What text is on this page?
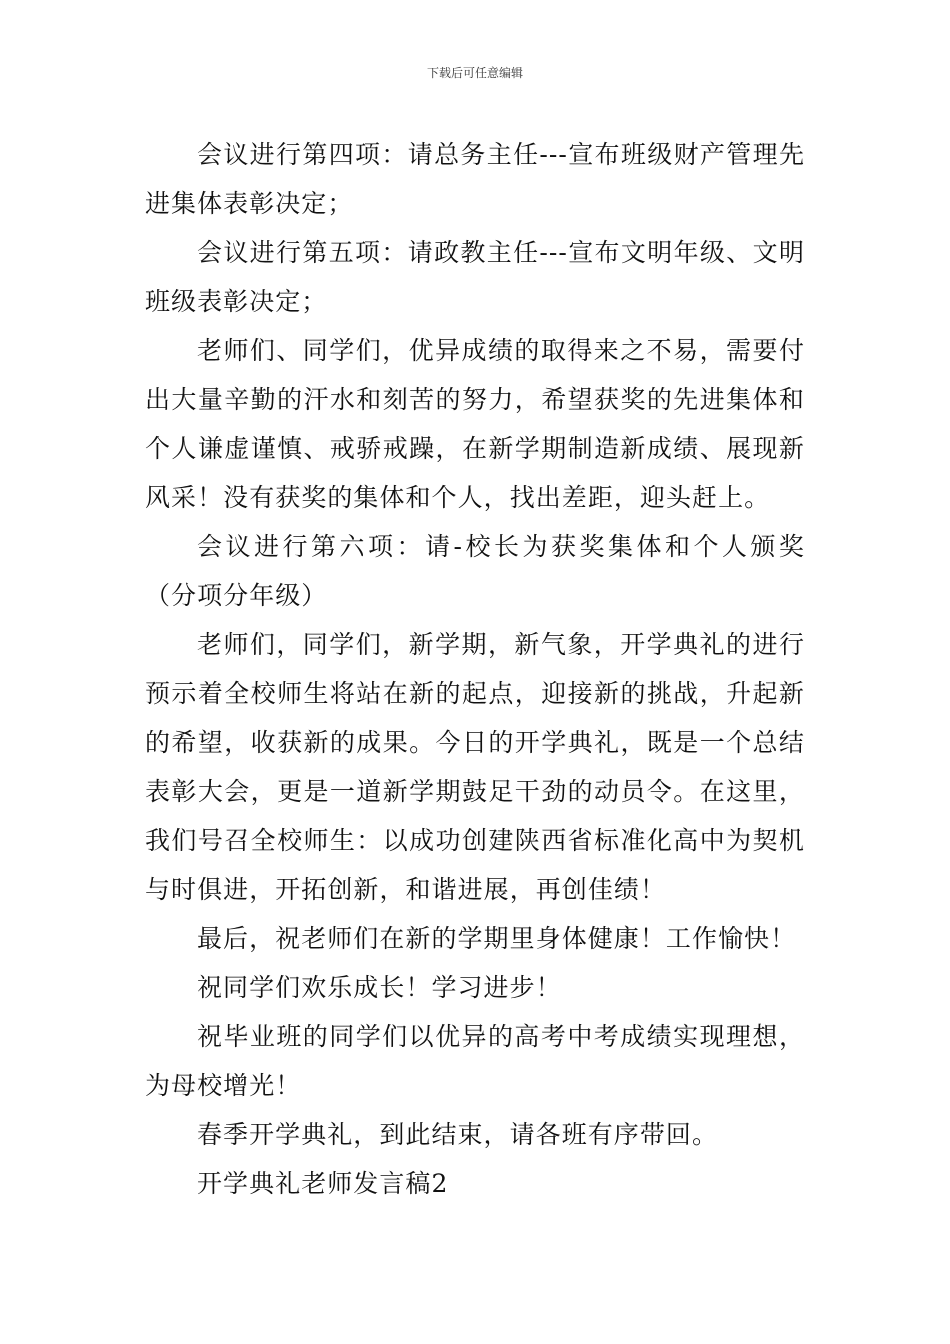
下载后可任意编辑

会议进行第四项：请总务主任---宣布班级财产管理先进集体表彰决定；

会议进行第五项：请政教主任---宣布文明年级、文明班级表彰决定；

老师们、同学们，优异成绩的取得来之不易，需要付出大量辛勤的汗水和刻苦的努力，希望获奖的先进集体和个人谦虚谨慎、戒骄戒躁，在新学期制造新成绩、展现新风采！没有获奖的集体和个人，找出差距，迎头赶上。

会议进行第六项：请-校长为获奖集体和个人颁奖（分项分年级）

老师们，同学们，新学期，新气象，开学典礼的进行预示着全校师生将站在新的起点，迎接新的挑战，升起新的希望，收获新的成果。今日的开学典礼，既是一个总结表彰大会，更是一道新学期鼓足干劲的动员令。在这里，我们号召全校师生：以成功创建陕西省标准化高中为契机与时俱进，开拓创新，和谐进展，再创佳绩！

最后，祝老师们在新的学期里身体健康！工作愉快！

祝同学们欢乐成长！学习进步！

祝毕业班的同学们以优异的高考中考成绩实现理想，为母校增光！

春季开学典礼，到此结束，请各班有序带回。

开学典礼老师发言稿2
